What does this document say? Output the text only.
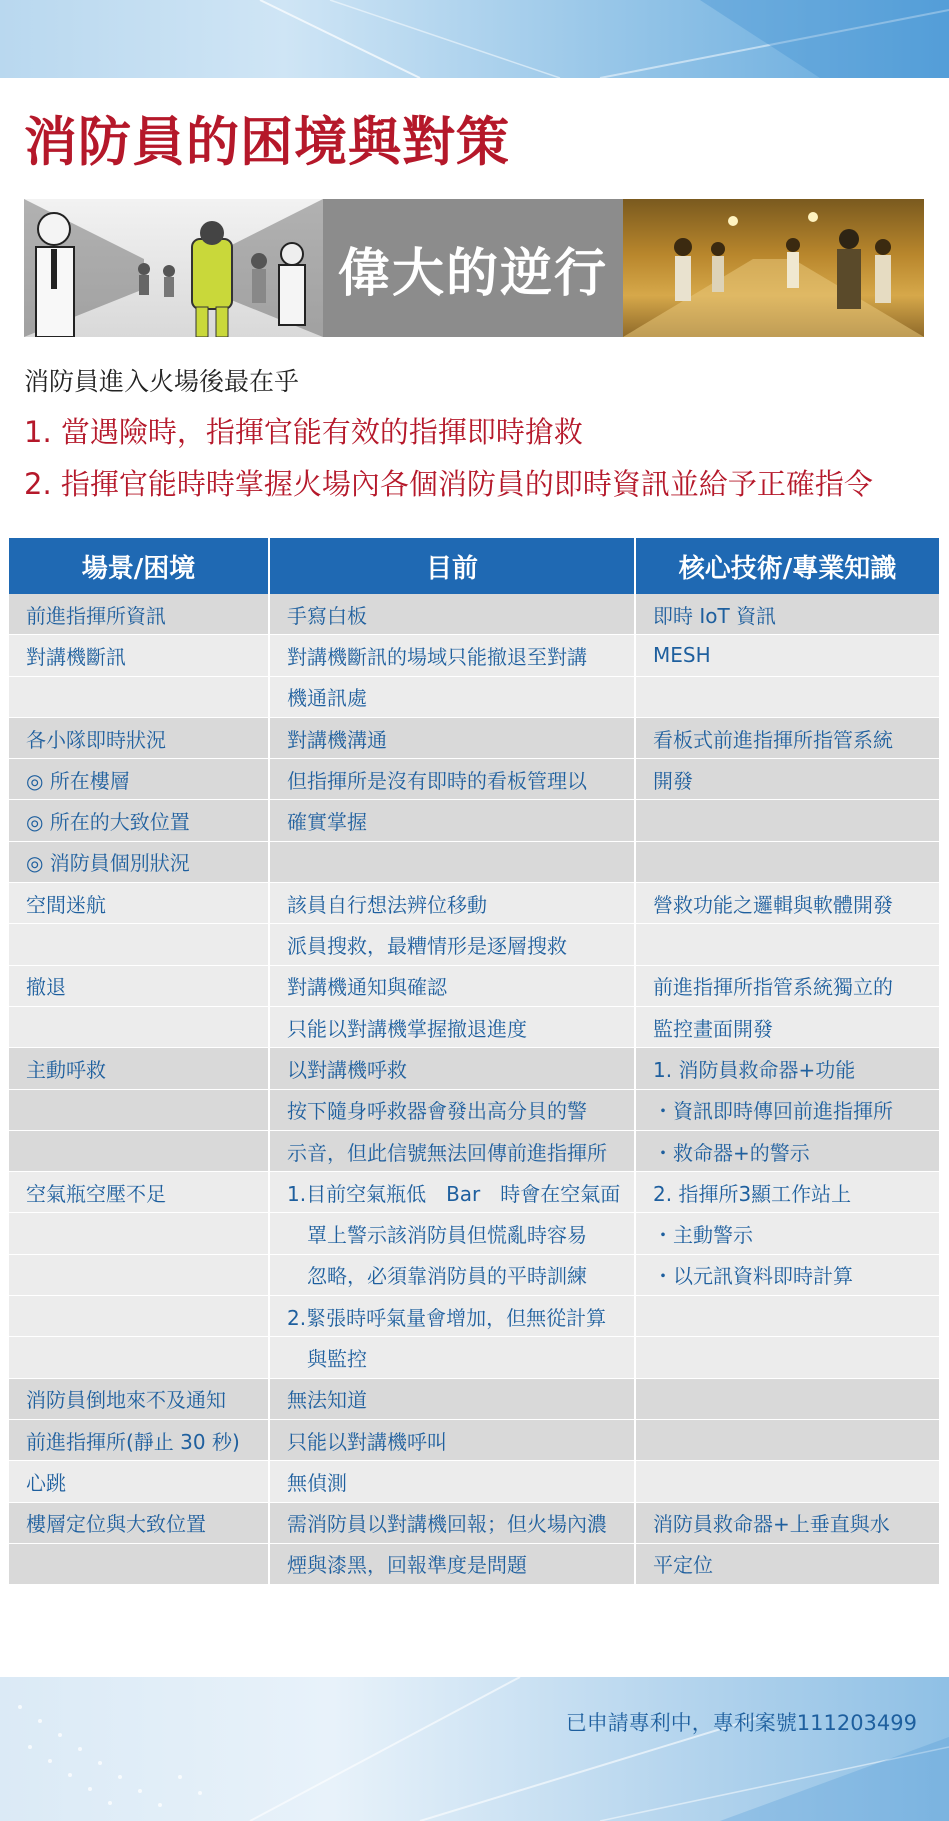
消防員的困境與對策
偉大的逆行

消防員進入火場後最在乎

1. 當遇險時，指揮官能有效的指揮即時搶救

2. 指揮官能時時掌握火場內各個消防員的即時資訊並給予正確指令

場景/困境	目前	核心技術/專業知識
前進指揮所資訊	手寫白板	即時 IoT 資訊
對講機斷訊	對講機斷訊的場域只能撤退至對講	MESH
	機通訊處	
各小隊即時狀況	對講機溝通	看板式前進指揮所指管系統
◎ 所在樓層	但指揮所是沒有即時的看板管理以	開發
◎ 所在的大致位置	確實掌握	
◎ 消防員個別狀況		
空間迷航	該員自行想法辨位移動	營救功能之邏輯與軟體開發
	派員搜救，最糟情形是逐層搜救	
撤退	對講機通知與確認	前進指揮所指管系統獨立的
	只能以對講機掌握撤退進度	監控畫面開發
主動呼救	以對講機呼救	1. 消防員救命器+功能
	按下隨身呼救器會發出高分貝的警	・資訊即時傳回前進指揮所
	示音，但此信號無法回傳前進指揮所	・救命器+的警示
空氣瓶空壓不足	1.目前空氣瓶低　Bar　時會在空氣面	2. 指揮所3顯工作站上
	　罩上警示該消防員但慌亂時容易	・主動警示
	　忽略，必須靠消防員的平時訓練	・以元訊資料即時計算
	2.緊張時呼氣量會增加，但無從計算	
	　與監控	
消防員倒地來不及通知	無法知道	
前進指揮所(靜止 30 秒)	只能以對講機呼叫	
心跳	無偵測	
樓層定位與大致位置	需消防員以對講機回報；但火場內濃	消防員救命器+上垂直與水
	煙與漆黑，回報準度是問題	平定位

已申請專利中，專利案號111203499
